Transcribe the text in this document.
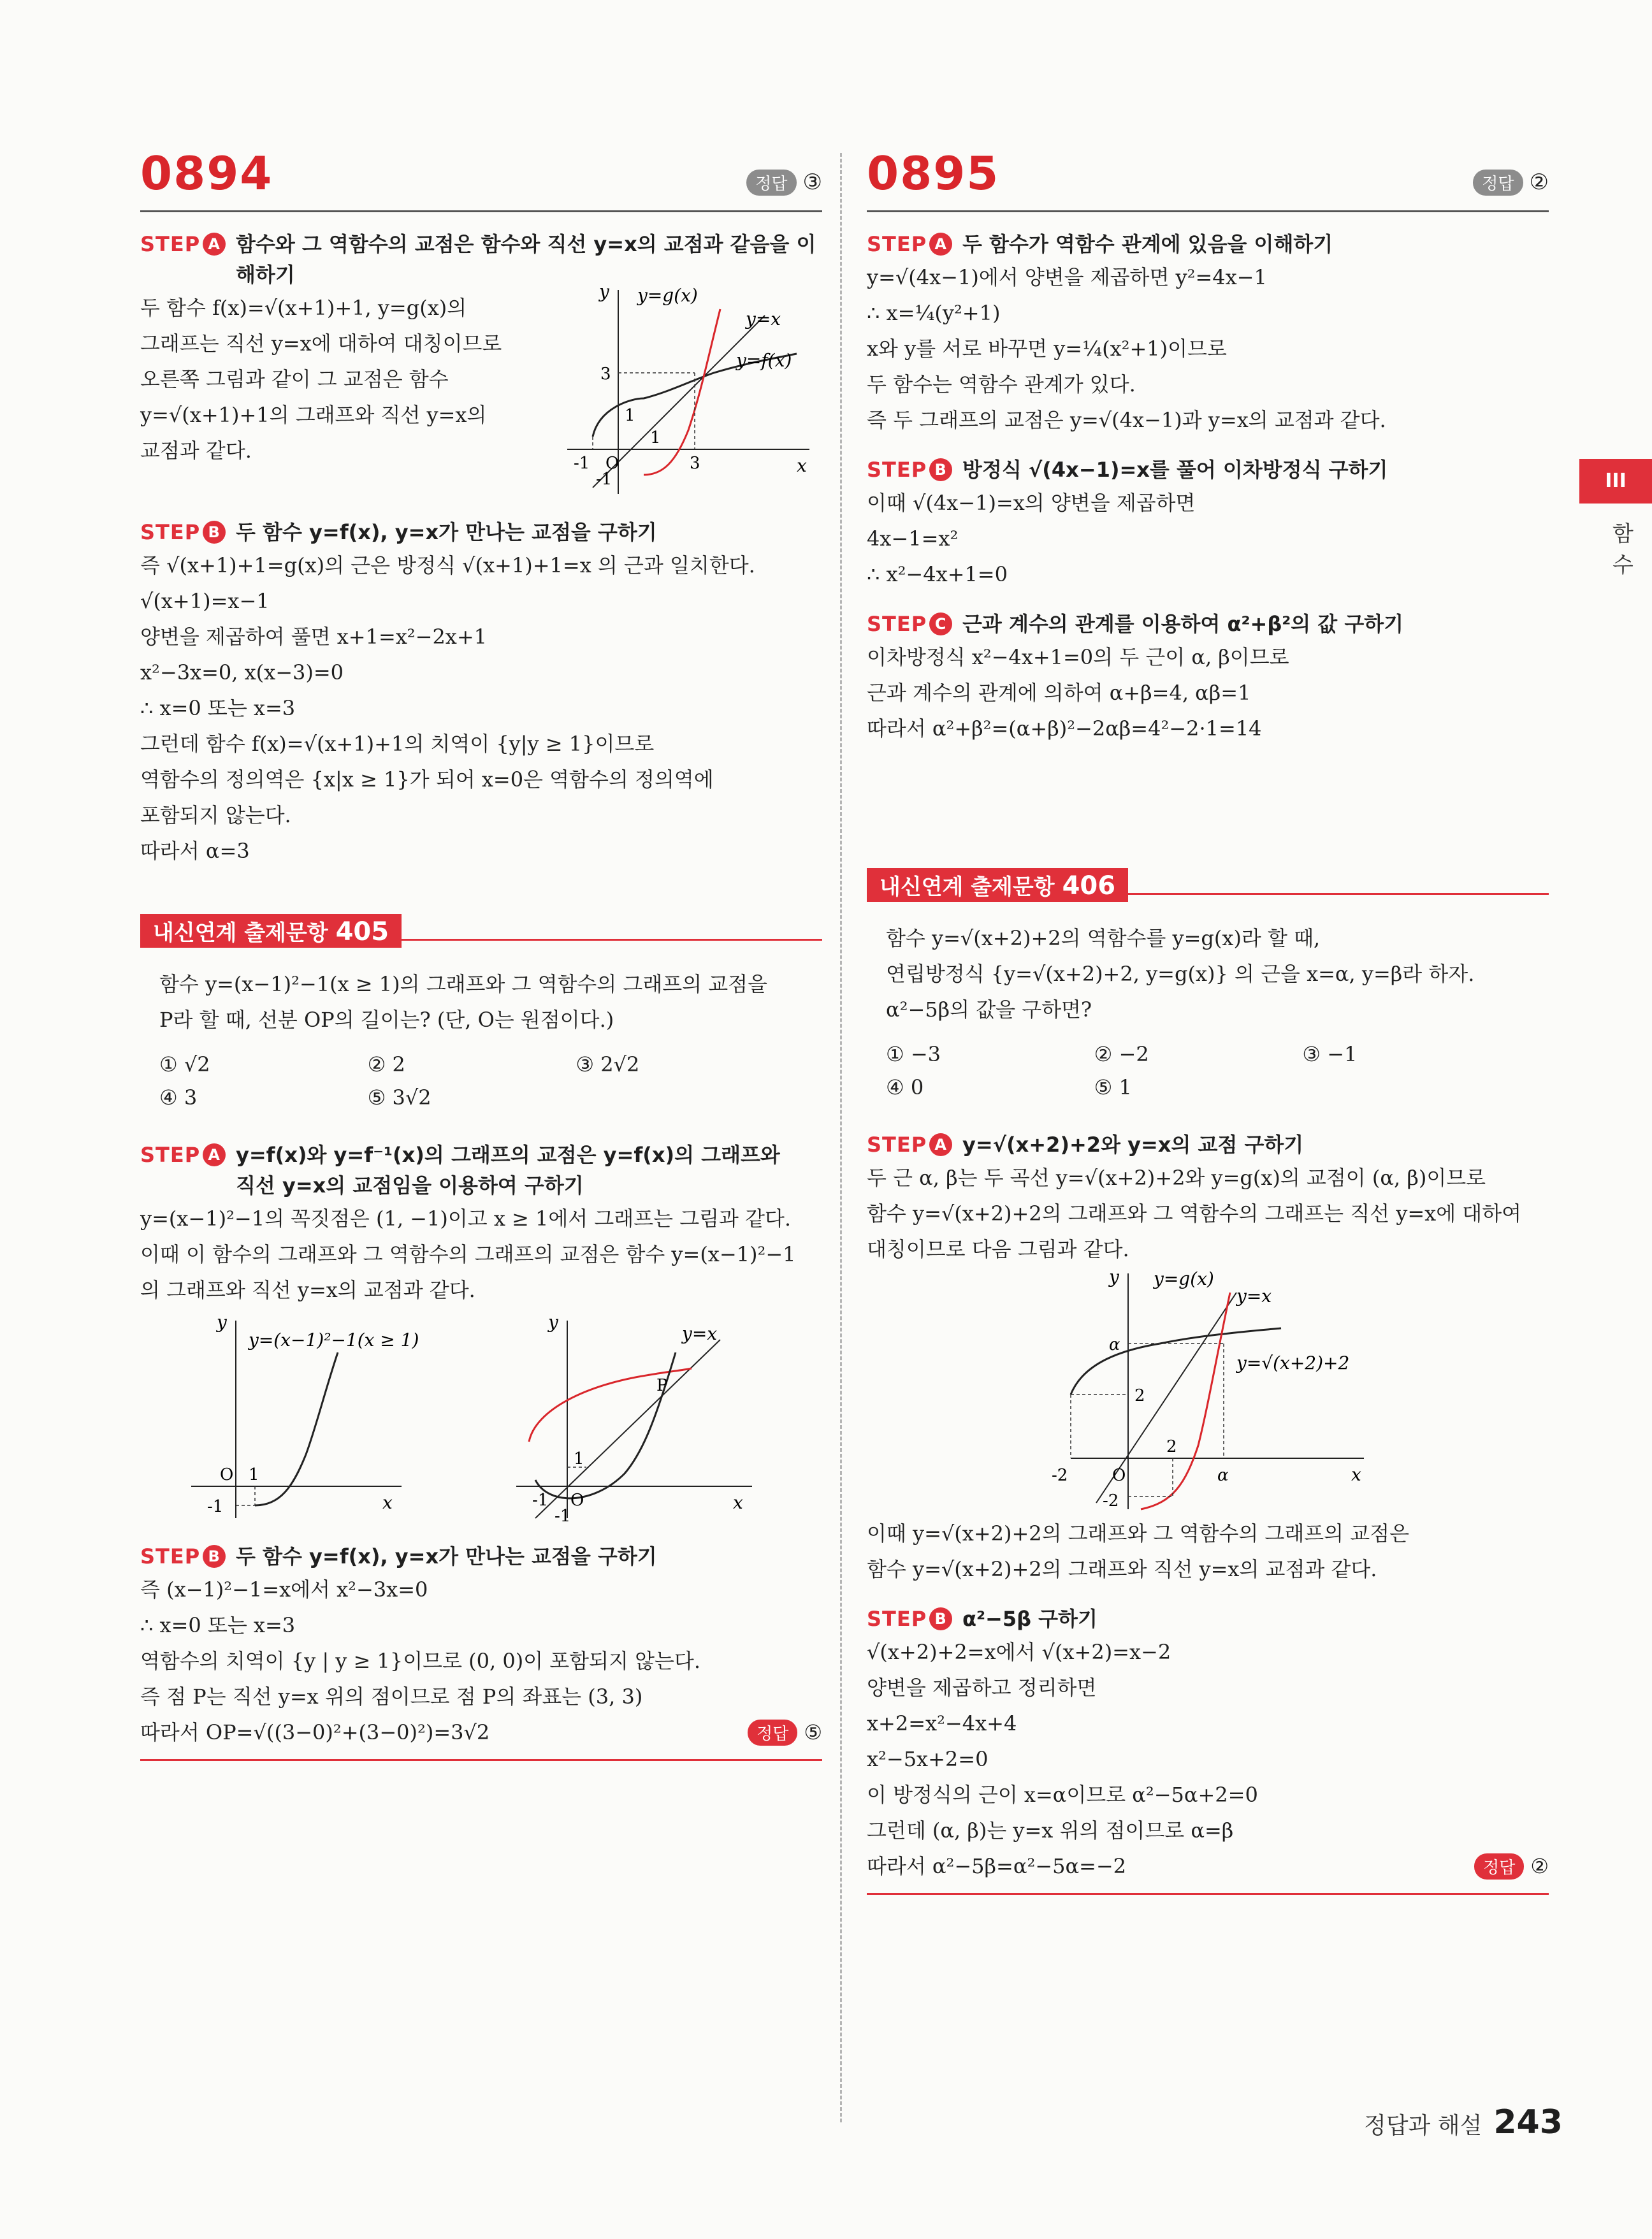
III
함수
0894	정답 ③
STEP A 함수와 그 역함수의 교점은 함수와 직선 y=x의 교점과 같음을 이해하기

두 함수 f(x)=√(x+1)+1, y=g(x)의

그래프는 직선 y=x에 대하여 대칭이므로

오른쪽 그림과 같이 그 교점은 함수

y=√(x+1)+1의 그래프와 직선 y=x의

교점과 같다.

y
x
y=g(x)
y=x
y=f(x)
3
1
-1 O
1
3
-1
STEP B 두 함수 y=f(x), y=x가 만나는 교점을 구하기

즉 √(x+1)+1=g(x)의 근은 방정식 √(x+1)+1=x 의 근과 일치한다.

√(x+1)=x−1

양변을 제곱하여 풀면 x+1=x²−2x+1

x²−3x=0, x(x−3)=0

∴ x=0 또는 x=3

그런데 함수 f(x)=√(x+1)+1의 치역이 {y|y ≥ 1}이므로

역함수의 정의역은 {x|x ≥ 1}가 되어 x=0은 역함수의 정의역에

포함되지 않는다.

따라서 α=3

내신연계 출제문항 405

함수 y=(x−1)²−1(x ≥ 1)의 그래프와 그 역함수의 그래프의 교점을

P라 할 때, 선분 OP의 길이는? (단, O는 원점이다.)

① √2	② 2	③ 2√2
④ 3	⑤ 3√2
STEP A y=f(x)와 y=f⁻¹(x)의 그래프의 교점은 y=f(x)의 그래프와
직선 y=x의 교점임을 이용하여 구하기

y=(x−1)²−1의 꼭짓점은 (1, −1)이고 x ≥ 1에서 그래프는 그림과 같다.

이때 이 함수의 그래프와 그 역함수의 그래프의 교점은 함수 y=(x−1)²−1

의 그래프와 직선 y=x의 교점과 같다.

y
x
y=(x−1)²−1(x ≥ 1)
O 1
-1
y
x
y=x
P
O
1
-1
-1
STEP B 두 함수 y=f(x), y=x가 만나는 교점을 구하기

즉 (x−1)²−1=x에서 x²−3x=0

∴ x=0 또는 x=3

역함수의 치역이 {y | y ≥ 1}이므로 (0, 0)이 포함되지 않는다.

즉 점 P는 직선 y=x 위의 점이므로 점 P의 좌표는 (3, 3)

따라서 OP=√((3−0)²+(3−0)²)=3√2	정답 ⑤
0895	정답 ②
STEP A 두 함수가 역함수 관계에 있음을 이해하기

y=√(4x−1)에서 양변을 제곱하면 y²=4x−1

∴ x=¼(y²+1)

x와 y를 서로 바꾸면 y=¼(x²+1)이므로

두 함수는 역함수 관계가 있다.

즉 두 그래프의 교점은 y=√(4x−1)과 y=x의 교점과 같다.

STEP B 방정식 √(4x−1)=x를 풀어 이차방정식 구하기

이때 √(4x−1)=x의 양변을 제곱하면

4x−1=x²

∴ x²−4x+1=0

STEP C 근과 계수의 관계를 이용하여 α²+β²의 값 구하기

이차방정식 x²−4x+1=0의 두 근이 α, β이므로

근과 계수의 관계에 의하여 α+β=4, αβ=1

따라서 α²+β²=(α+β)²−2αβ=4²−2·1=14

내신연계 출제문항 406

함수 y=√(x+2)+2의 역함수를 y=g(x)라 할 때,

연립방정식 {y=√(x+2)+2, y=g(x)} 의 근을 x=α, y=β라 하자.

α²−5β의 값을 구하면?

① −3	② −2	③ −1
④ 0	⑤ 1
STEP A y=√(x+2)+2와 y=x의 교점 구하기

두 근 α, β는 두 곡선 y=√(x+2)+2와 y=g(x)의 교점이 (α, β)이므로

함수 y=√(x+2)+2의 그래프와 그 역함수의 그래프는 직선 y=x에 대하여

대칭이므로 다음 그림과 같다.

y
x
y=g(x)
y=x
y=√(x+2)+2
α
2
-2	O
2
α
-2

이때 y=√(x+2)+2의 그래프와 그 역함수의 그래프의 교점은

함수 y=√(x+2)+2의 그래프와 직선 y=x의 교점과 같다.

STEP B α²−5β 구하기

√(x+2)+2=x에서 √(x+2)=x−2

양변을 제곱하고 정리하면

x+2=x²−4x+4

x²−5x+2=0

이 방정식의 근이 x=α이므로 α²−5α+2=0

그런데 (α, β)는 y=x 위의 점이므로 α=β

따라서 α²−5β=α²−5α=−2	정답 ②
정답과 해설 243
